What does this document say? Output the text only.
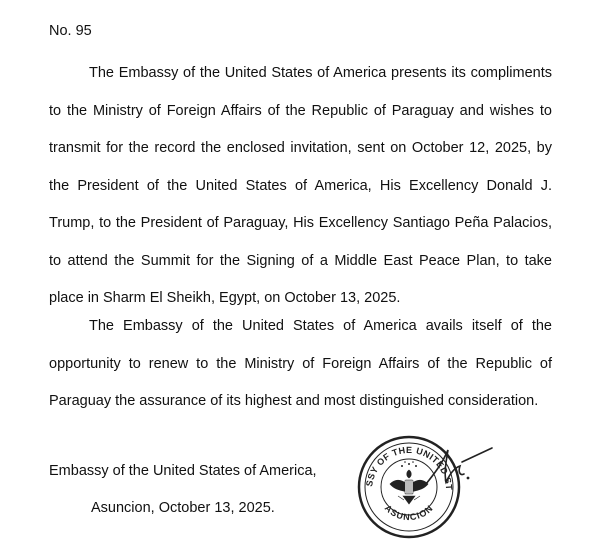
No. 95

The Embassy of the United States of America presents its compliments to the Ministry of Foreign Affairs of the Republic of Paraguay and wishes to transmit for the record the enclosed invitation, sent on October 12, 2025, by the President of the United States of America, His Excellency Donald J. Trump, to the President of Paraguay, His Excellency Santiago Peña Palacios, to attend the Summit for the Signing of a Middle East Peace Plan, to take place in Sharm El Sheikh, Egypt, on October 13, 2025.

The Embassy of the United States of America avails itself of the opportunity to renew to the Ministry of Foreign Affairs of the Republic of Paraguay the assurance of its highest and most distinguished consideration.

Embassy of the United States of America,
Asuncion, October 13, 2025.
SSY OF THE UNITED ST
ASUNCION
